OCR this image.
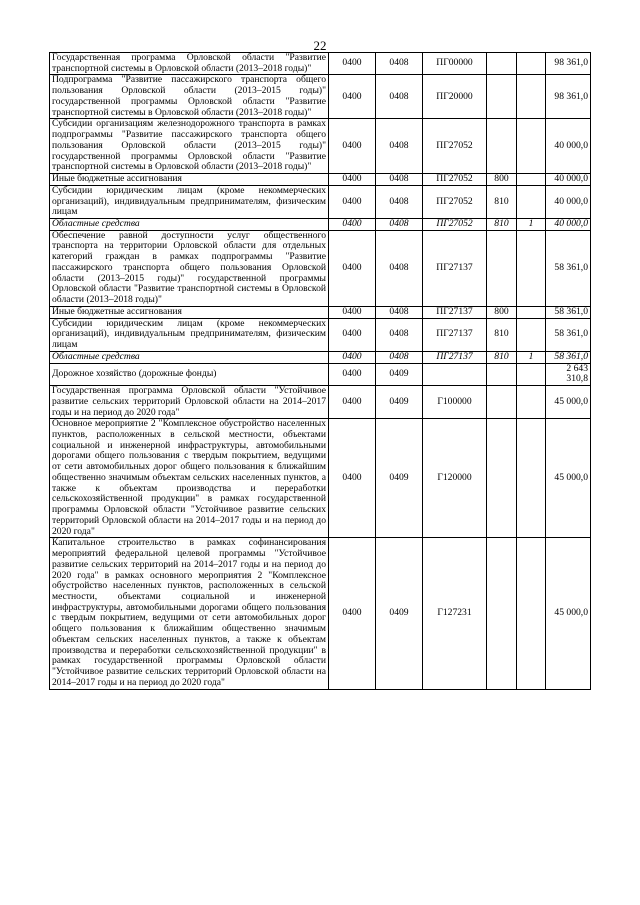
22
Государственная программа Орловской области "Развитие транспортной системы в Орловской области (2013–2018 годы)"	0400	0408	ПГ00000			98 361,0
Подпрограмма "Развитие пассажирского транспорта общего пользования Орловской области (2013–2015 годы)" государственной программы Орловской области "Развитие транспортной системы в Орловской области (2013–2018 годы)"	0400	0408	ПГ20000			98 361,0
Субсидии организациям железнодорожного транспорта в рамках подпрограммы "Развитие пассажирского транспорта общего пользования Орловской области (2013–2015 годы)" государственной программы Орловской области "Развитие транспортной системы в Орловской области (2013–2018 годы)"	0400	0408	ПГ27052			40 000,0
Иные бюджетные ассигнования	0400	0408	ПГ27052	800		40 000,0
Субсидии юридическим лицам (кроме некоммерческих организаций), индивидуальным предпринимателям, физическим лицам	0400	0408	ПГ27052	810		40 000,0
Областные средства	0400	0408	ПГ27052	810	1	40 000,0
Обеспечение равной доступности услуг общественного транспорта на территории Орловской области для отдельных категорий граждан в рамках подпрограммы "Развитие пассажирского транспорта общего пользования Орловской области (2013–2015 годы)" государственной программы Орловской области "Развитие транспортной системы в Орловской области (2013–2018 годы)"	0400	0408	ПГ27137			58 361,0
Иные бюджетные ассигнования	0400	0408	ПГ27137	800		58 361,0
Субсидии юридическим лицам (кроме некоммерческих организаций), индивидуальным предпринимателям, физическим лицам	0400	0408	ПГ27137	810		58 361,0
Областные средства	0400	0408	ПГ27137	810	1	58 361,0
Дорожное хозяйство (дорожные фонды)	0400	0409				2 643 310,8
Государственная программа Орловской области "Устойчивое развитие сельских территорий Орловской области на 2014–2017 годы и на период до 2020 года"	0400	0409	Г100000			45 000,0
Основное мероприятие 2 "Комплексное обустройство населенных пунктов, расположенных в сельской местности, объектами социальной и инженерной инфраструктуры, автомобильными дорогами общего пользования с твердым покрытием, ведущими от сети автомобильных дорог общего пользования к ближайшим общественно значимым объектам сельских населенных пунктов, а также к объектам производства и переработки сельскохозяйственной продукции" в рамках государственной программы Орловской области "Устойчивое развитие сельских территорий Орловской области на 2014–2017 годы и на период до 2020 года"	0400	0409	Г120000			45 000,0
Капитальное строительство в рамках софинансирования мероприятий федеральной целевой программы "Устойчивое развитие сельских территорий на 2014–2017 годы и на период до 2020 года" в рамках основного мероприятия 2 "Комплексное обустройство населенных пунктов, расположенных в сельской местности, объектами социальной и инженерной инфраструктуры, автомобильными дорогами общего пользования с твердым покрытием, ведущими от сети автомобильных дорог общего пользования к ближайшим общественно значимым объектам сельских населенных пунктов, а также к объектам производства и переработки сельскохозяйственной продукции" в рамках государственной программы Орловской области "Устойчивое развитие сельских территорий Орловской области на 2014–2017 годы и на период до 2020 года"	0400	0409	Г127231			45 000,0
